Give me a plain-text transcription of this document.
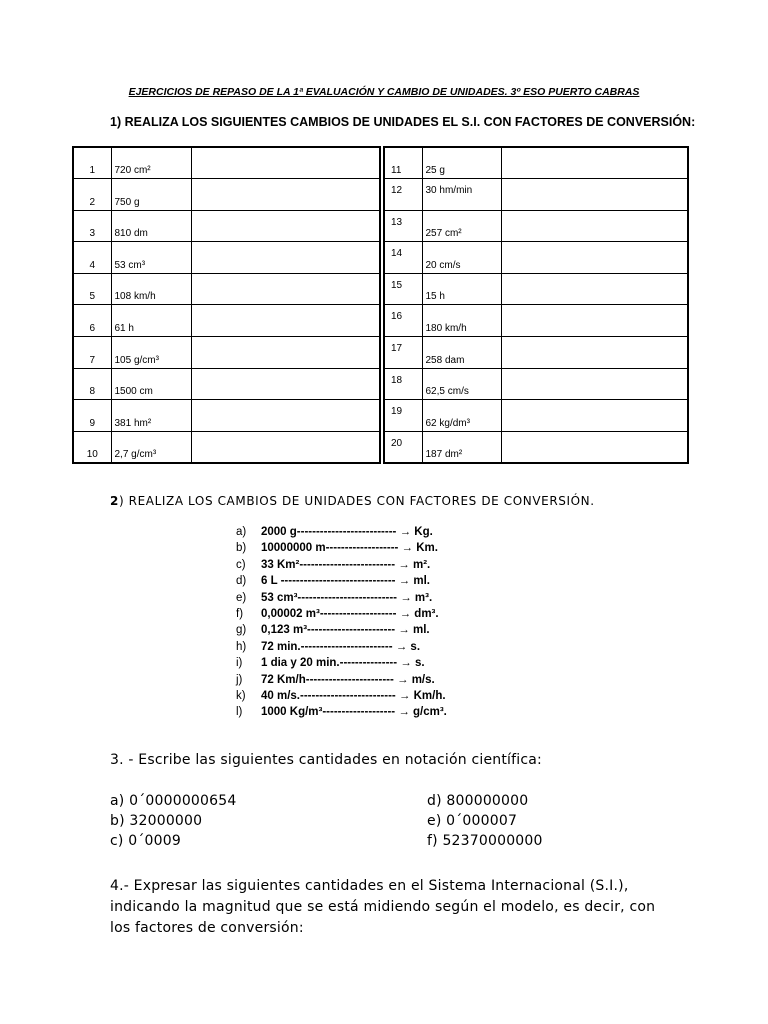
EJERCICIOS DE REPASO DE LA 1ª EVALUACIÓN Y CAMBIO DE UNIDADES. 3º ESO PUERTO CABRAS
1) REALIZA LOS SIGUIENTES CAMBIOS DE UNIDADES EL S.I. CON FACTORES DE CONVERSIÓN:
1	720 cm²	
2	750 g	
3	810 dm	
4	53 cm³	
5	108 km/h	
6	61 h	
7	105 g/cm³	
8	1500 cm	
9	381 hm²	
10	2,7 g/cm³	
11	25 g	
12	30 hm/min	
13	257 cm²	
14	20 cm/s	
15	15 h	
16	180 km/h	
17	258 dam	
18	62,5 cm/s	
19	62 kg/dm³	
20	187 dm²	
2) REALIZA LOS CAMBIOS DE UNIDADES CON FACTORES DE CONVERSIÓN.
a)	2000 g-------------------------- → Kg.
b)	10000000 m------------------- → Km.
c)	33 Km²------------------------- → m².
d)	6 L ------------------------------ → ml.
e)	53 cm³-------------------------- → m³.
f)	0,00002 m³-------------------- → dm³.
g)	0,123 m³----------------------- → ml.
h)	72 min.------------------------ → s.
i)	1 dia y 20 min.--------------- → s.
j)	72 Km/h----------------------- → m/s.
k)	40 m/s.------------------------- → Km/h.
l)	1000 Kg/m³------------------- → g/cm³.
3. - Escribe las siguientes cantidades en notación científica:
a) 0´0000000654
b) 32000000
c) 0´0009
d) 800000000
e) 0´000007
f) 52370000000
4.- Expresar las siguientes cantidades en el Sistema Internacional (S.I.),
indicando la magnitud que se está midiendo según el modelo, es decir, con
los factores de conversión:
